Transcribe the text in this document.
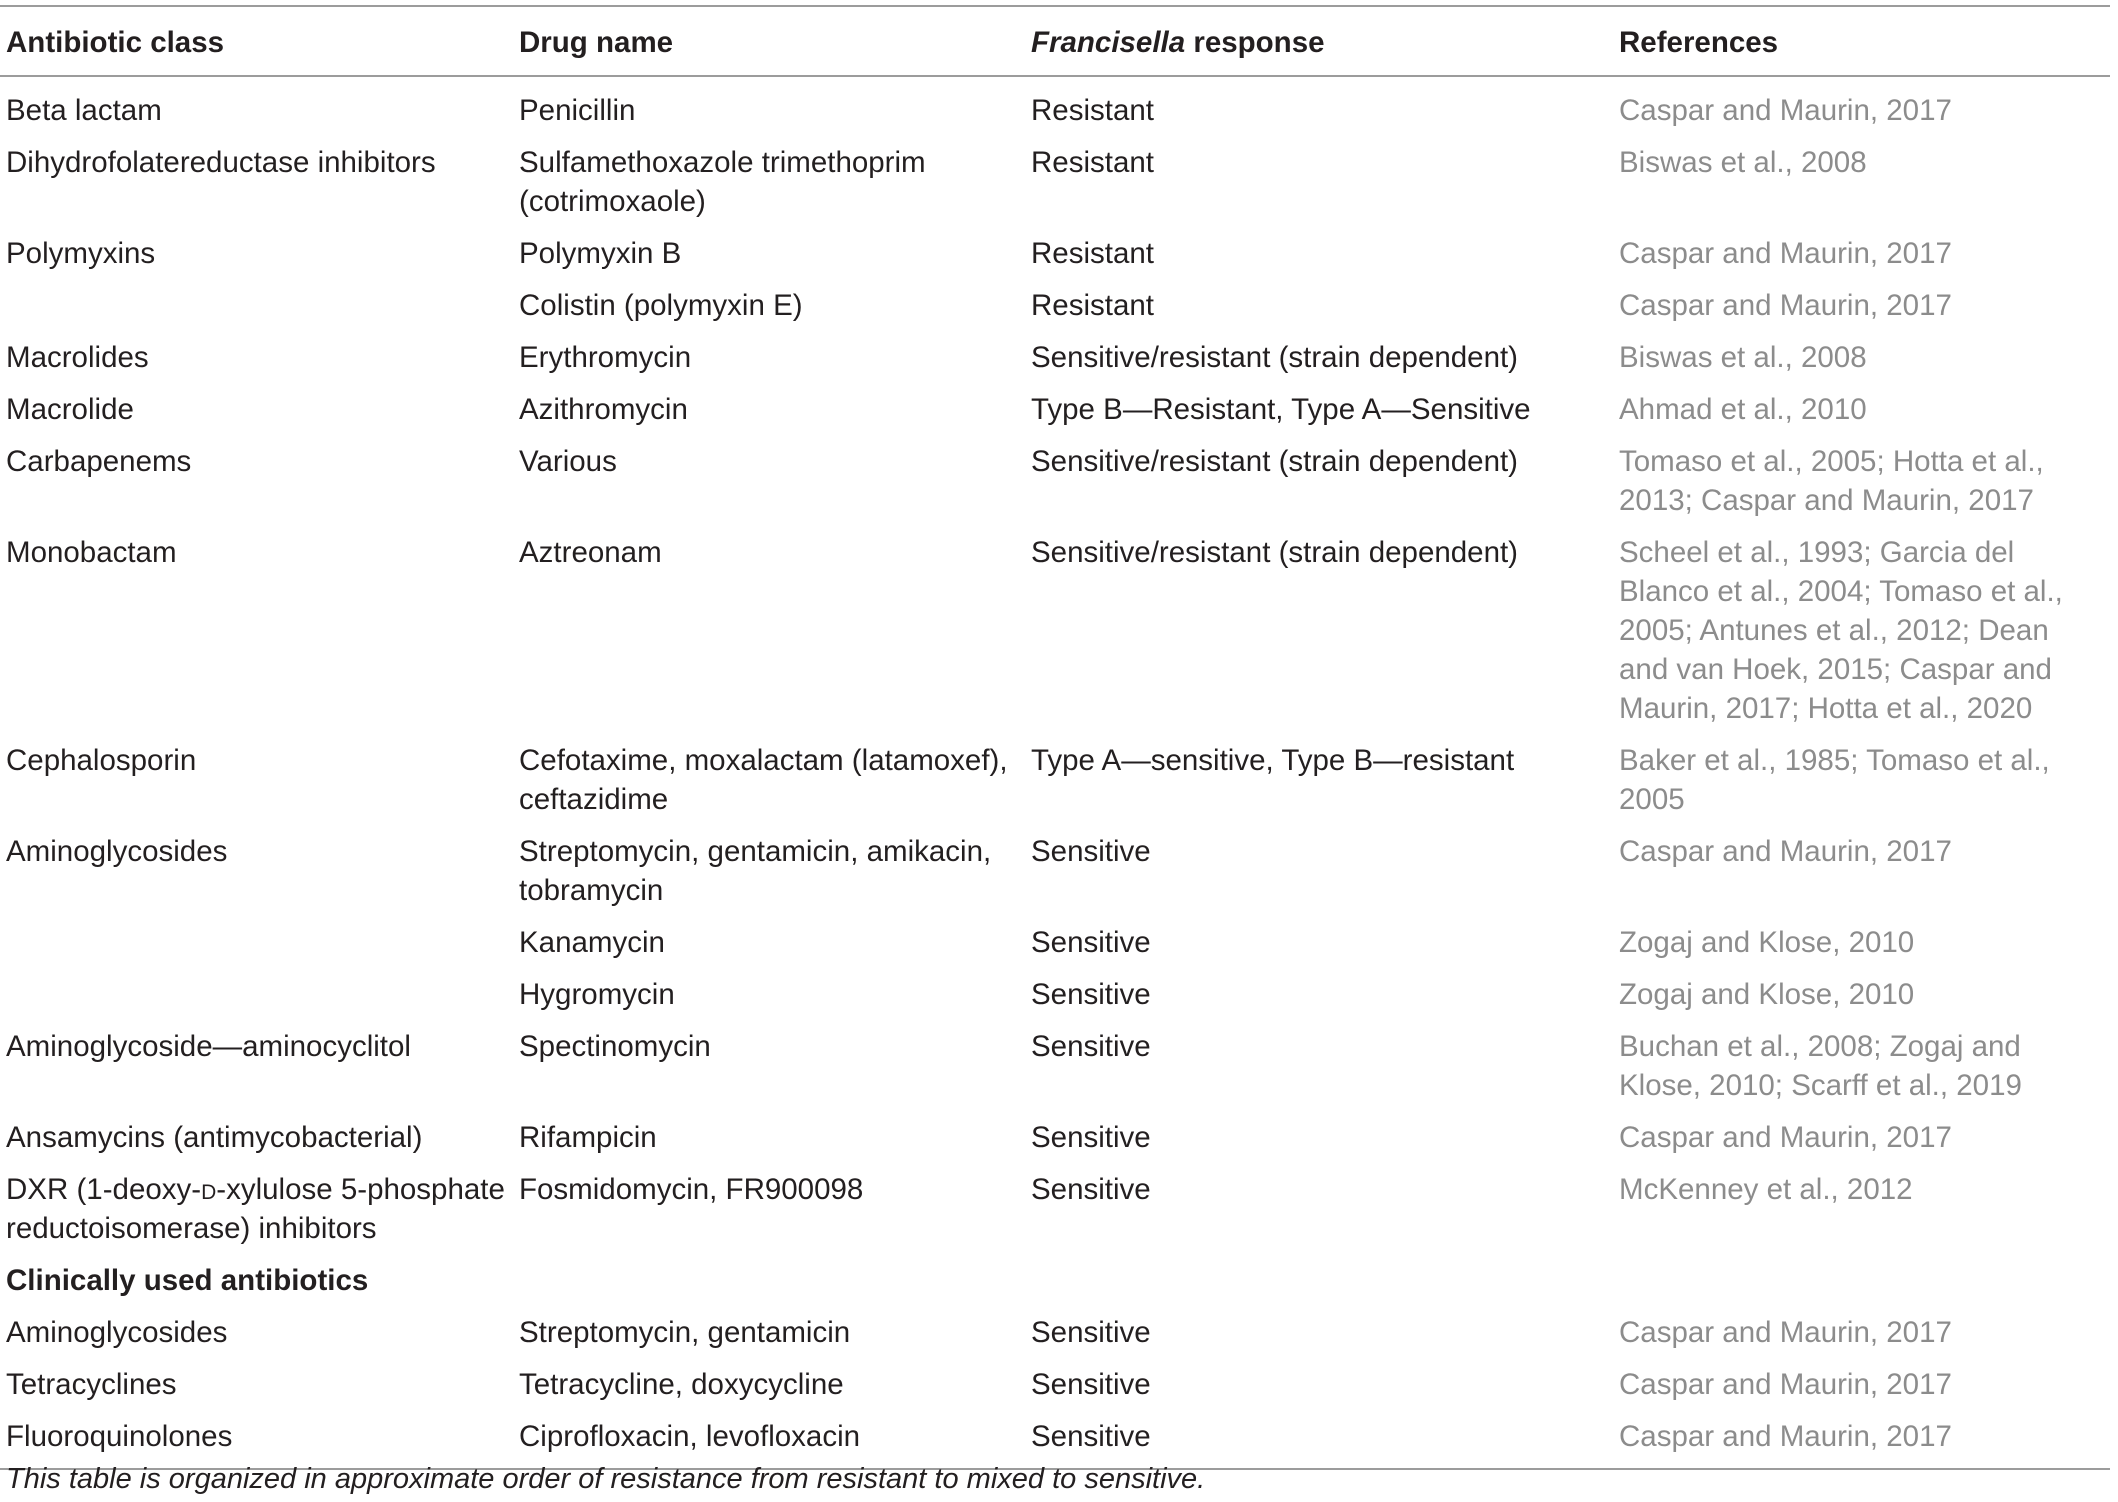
Antibiotic class	Drug name	Francisella response	References
Beta lactam	Penicillin	Resistant	Caspar and Maurin, 2017
Dihydrofolatereductase inhibitors	Sulfamethoxazole trimethoprim (cotrimoxaole)	Resistant	Biswas et al., 2008
Polymyxins	Polymyxin B	Resistant	Caspar and Maurin, 2017
	Colistin (polymyxin E)	Resistant	Caspar and Maurin, 2017
Macrolides	Erythromycin	Sensitive/resistant (strain dependent)	Biswas et al., 2008
Macrolide	Azithromycin	Type B—Resistant, Type A—Sensitive	Ahmad et al., 2010
Carbapenems	Various	Sensitive/resistant (strain dependent)	Tomaso et al., 2005; Hotta et al., 2013; Caspar and Maurin, 2017
Monobactam	Aztreonam	Sensitive/resistant (strain dependent)	Scheel et al., 1993; Garcia del Blanco et al., 2004; Tomaso et al., 2005; Antunes et al., 2012; Dean and van Hoek, 2015; Caspar and Maurin, 2017; Hotta et al., 2020
Cephalosporin	Cefotaxime, moxalactam (latamoxef), ceftazidime	Type A—sensitive, Type B—resistant	Baker et al., 1985; Tomaso et al., 2005
Aminoglycosides	Streptomycin, gentamicin, amikacin, tobramycin	Sensitive	Caspar and Maurin, 2017
	Kanamycin	Sensitive	Zogaj and Klose, 2010
	Hygromycin	Sensitive	Zogaj and Klose, 2010
Aminoglycoside—aminocyclitol	Spectinomycin	Sensitive	Buchan et al., 2008; Zogaj and Klose, 2010; Scarff et al., 2019
Ansamycins (antimycobacterial)	Rifampicin	Sensitive	Caspar and Maurin, 2017
DXR (1-deoxy-d-xylulose 5-phosphate reductoisomerase) inhibitors	Fosmidomycin, FR900098	Sensitive	McKenney et al., 2012
Clinically used antibiotics			
Aminoglycosides	Streptomycin, gentamicin	Sensitive	Caspar and Maurin, 2017
Tetracyclines	Tetracycline, doxycycline	Sensitive	Caspar and Maurin, 2017
Fluoroquinolones	Ciprofloxacin, levofloxacin	Sensitive	Caspar and Maurin, 2017
This table is organized in approximate order of resistance from resistant to mixed to sensitive.
